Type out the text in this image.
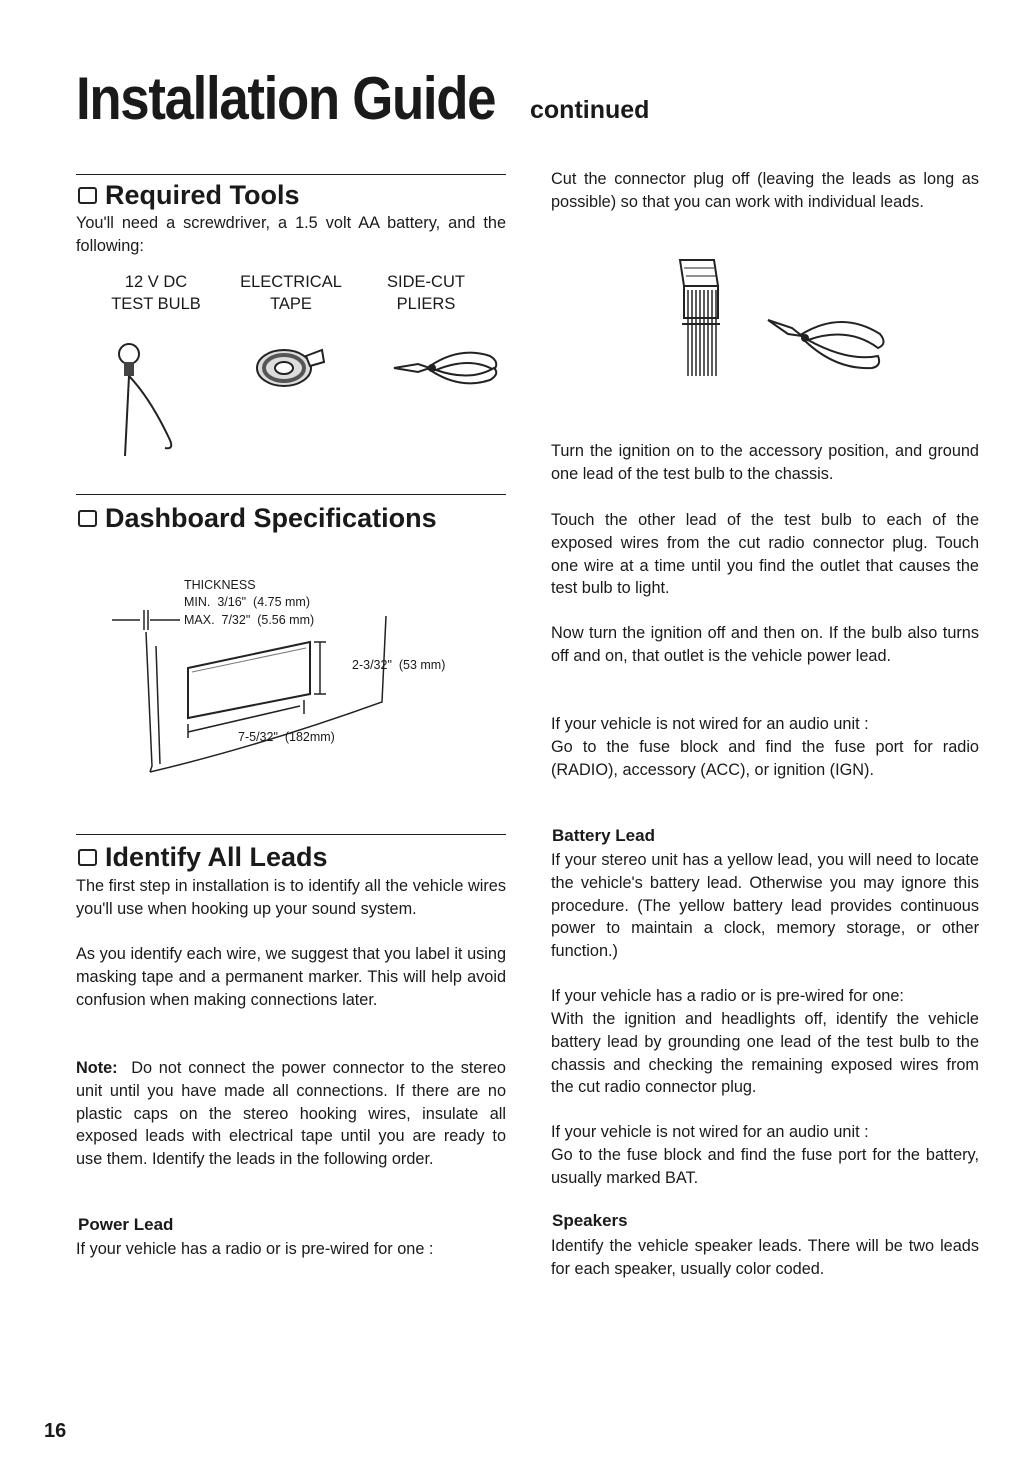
Installation Guide continued
Required Tools
You'll need a screwdriver, a 1.5 volt AA battery, and the following:
12 V DC
TEST BULB
ELECTRICAL
TAPE
SIDE-CUT
PLIERS
Dashboard Specifications
THICKNESS
MIN.  3/16"  (4.75 mm)
MAX.  7/32"  (5.56 mm)
2-3/32"  (53 mm)
7-5/32"  (182mm)
Identify All Leads
The first step in installation is to identify all the vehicle wires you'll use when hooking up your sound system.
As you identify each wire, we suggest that you label it using masking tape and a permanent marker. This will help avoid confusion when making connections later.
Note: Do not connect the power connector to the stereo unit until you have made all connections. If there are no plastic caps on the stereo hooking wires, insulate all exposed leads with electrical tape until you are ready to use them. Identify the leads in the following order.
Power Lead
If your vehicle has a radio or is pre-wired for one :
Cut the connector plug off (leaving the leads as long as possible) so that you can work with individual leads.
Turn the ignition on to the accessory position, and ground one lead of the test bulb to the chassis.
Touch the other lead of the test bulb to each of the exposed wires from the cut radio connector plug. Touch one wire at a time until you find the outlet that causes the test bulb to light.
Now turn the ignition off and then on. If the bulb also turns off and on, that outlet is the vehicle power lead.
If your vehicle is not wired for an audio unit :
Go to the fuse block and find the fuse port for radio (RADIO), accessory (ACC), or ignition (IGN).
Battery Lead
If your stereo unit has a yellow lead, you will need to locate the vehicle's battery lead. Otherwise you may ignore this procedure. (The yellow battery lead provides continuous power to maintain a clock, memory storage, or other function.)
If your vehicle has a radio or is pre-wired for one:
With the ignition and headlights off, identify the vehicle battery lead by grounding one lead of the test bulb to the chassis and checking the remaining exposed wires from the cut radio connector plug.
If your vehicle is not wired for an audio unit :
Go to the fuse block and find the fuse port for the battery, usually marked BAT.
Speakers
Identify the vehicle speaker leads. There will be two leads for each speaker, usually color coded.
16
